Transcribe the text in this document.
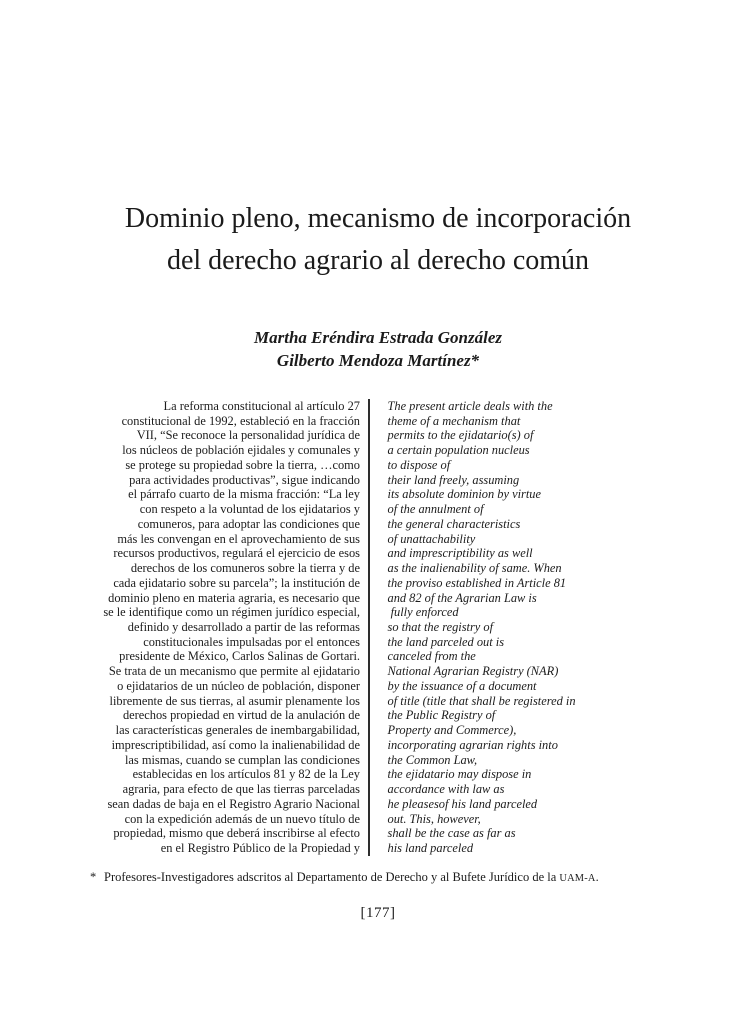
Dominio pleno, mecanismo de incorporación
del derecho agrario al derecho común
Martha Eréndira Estrada González
Gilberto Mendoza Martínez*
La reforma constitucional al artículo 27
constitucional de 1992, estableció en la fracción
VII, “Se reconoce la personalidad jurídica de
los núcleos de población ejidales y comunales y
se protege su propiedad sobre la tierra, …como
para actividades productivas”, sigue indicando
el párrafo cuarto de la misma fracción: “La ley
con respeto a la voluntad de los ejidatarios y
comuneros, para adoptar las condiciones que
más les convengan en el aprovechamiento de sus
recursos productivos, regulará el ejercicio de esos
derechos de los comuneros sobre la tierra y de
cada ejidatario sobre su parcela”; la institución de
dominio pleno en materia agraria, es necesario que
se le identifique como un régimen jurídico especial,
definido y desarrollado a partir de las reformas
constitucionales impulsadas por el entonces
presidente de México, Carlos Salinas de Gortari.
Se trata de un mecanismo que permite al ejidatario
o ejidatarios de un núcleo de población, disponer
libremente de sus tierras, al asumir plenamente los
derechos propiedad en virtud de la anulación de
las características generales de inembargabilidad,
imprescriptibilidad, así como la inalienabilidad de
las mismas, cuando se cumplan las condiciones
establecidas en los artículos 81 y 82 de la Ley
agraria, para efecto de que las tierras parceladas
sean dadas de baja en el Registro Agrario Nacional
con la expedición además de un nuevo título de
propiedad, mismo que deberá inscribirse al efecto
en el Registro Público de la Propiedad y
The present article deals with the
theme of a mechanism that
permits to the ejidatario(s) of
a certain population nucleus
to dispose of
their land freely, assuming
its absolute dominion by virtue
of the annulment of
the general characteristics
of unattachability
and imprescriptibility as well
as the inalienability of same. When
the proviso established in Article 81
and 82 of the Agrarian Law is
fully enforced
so that the registry of
the land parceled out is
canceled from the
National Agrarian Registry (NAR)
by the issuance of a document
of title (title that shall be registered in
the Public Registry of
Property and Commerce),
incorporating agrarian rights into
the Common Law,
the ejidatario may dispose in
accordance with law as
he pleasesof his land parceled
out. This, however,
shall be the case as far as
his land parceled
* Profesores-Investigadores adscritos al Departamento de Derecho y al Bufete Jurídico de la UAM-A.
[177]
